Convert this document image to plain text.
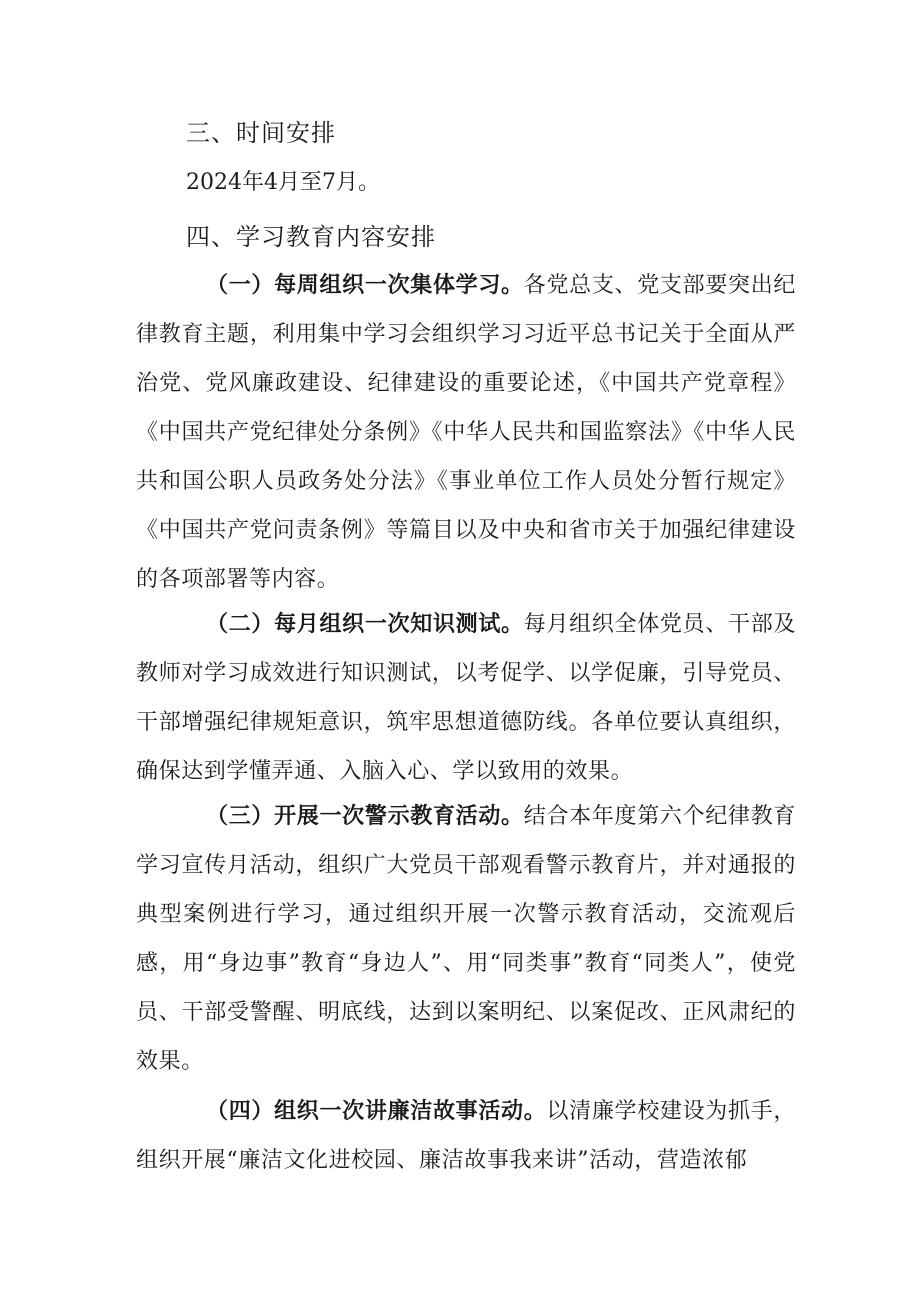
三、时间安排
2024年4月至7月。
四、学习教育内容安排
（一）每周组织一次集体学习。各党总支、党支部要突出纪律教育主题，利用集中学习会组织学习习近平总书记关于全面从严治党、党风廉政建设、纪律建设的重要论述，《中国共产党章程》《中国共产党纪律处分条例》《中华人民共和国监察法》《中华人民共和国公职人员政务处分法》《事业单位工作人员处分暂行规定》《中国共产党问责条例》等篇目以及中央和省市关于加强纪律建设的各项部署等内容。
（二）每月组织一次知识测试。每月组织全体党员、干部及教师对学习成效进行知识测试，以考促学、以学促廉，引导党员、干部增强纪律规矩意识，筑牢思想道德防线。各单位要认真组织，确保达到学懂弄通、入脑入心、学以致用的效果。
（三）开展一次警示教育活动。结合本年度第六个纪律教育学习宣传月活动，组织广大党员干部观看警示教育片，并对通报的典型案例进行学习，通过组织开展一次警示教育活动，交流观后感，用“身边事”教育“身边人”、用“同类事”教育“同类人”，使党员、干部受警醒、明底线，达到以案明纪、以案促改、正风肃纪的效果。
（四）组织一次讲廉洁故事活动。以清廉学校建设为抓手，组织开展“廉洁文化进校园、廉洁故事我来讲”活动，营造浓郁
